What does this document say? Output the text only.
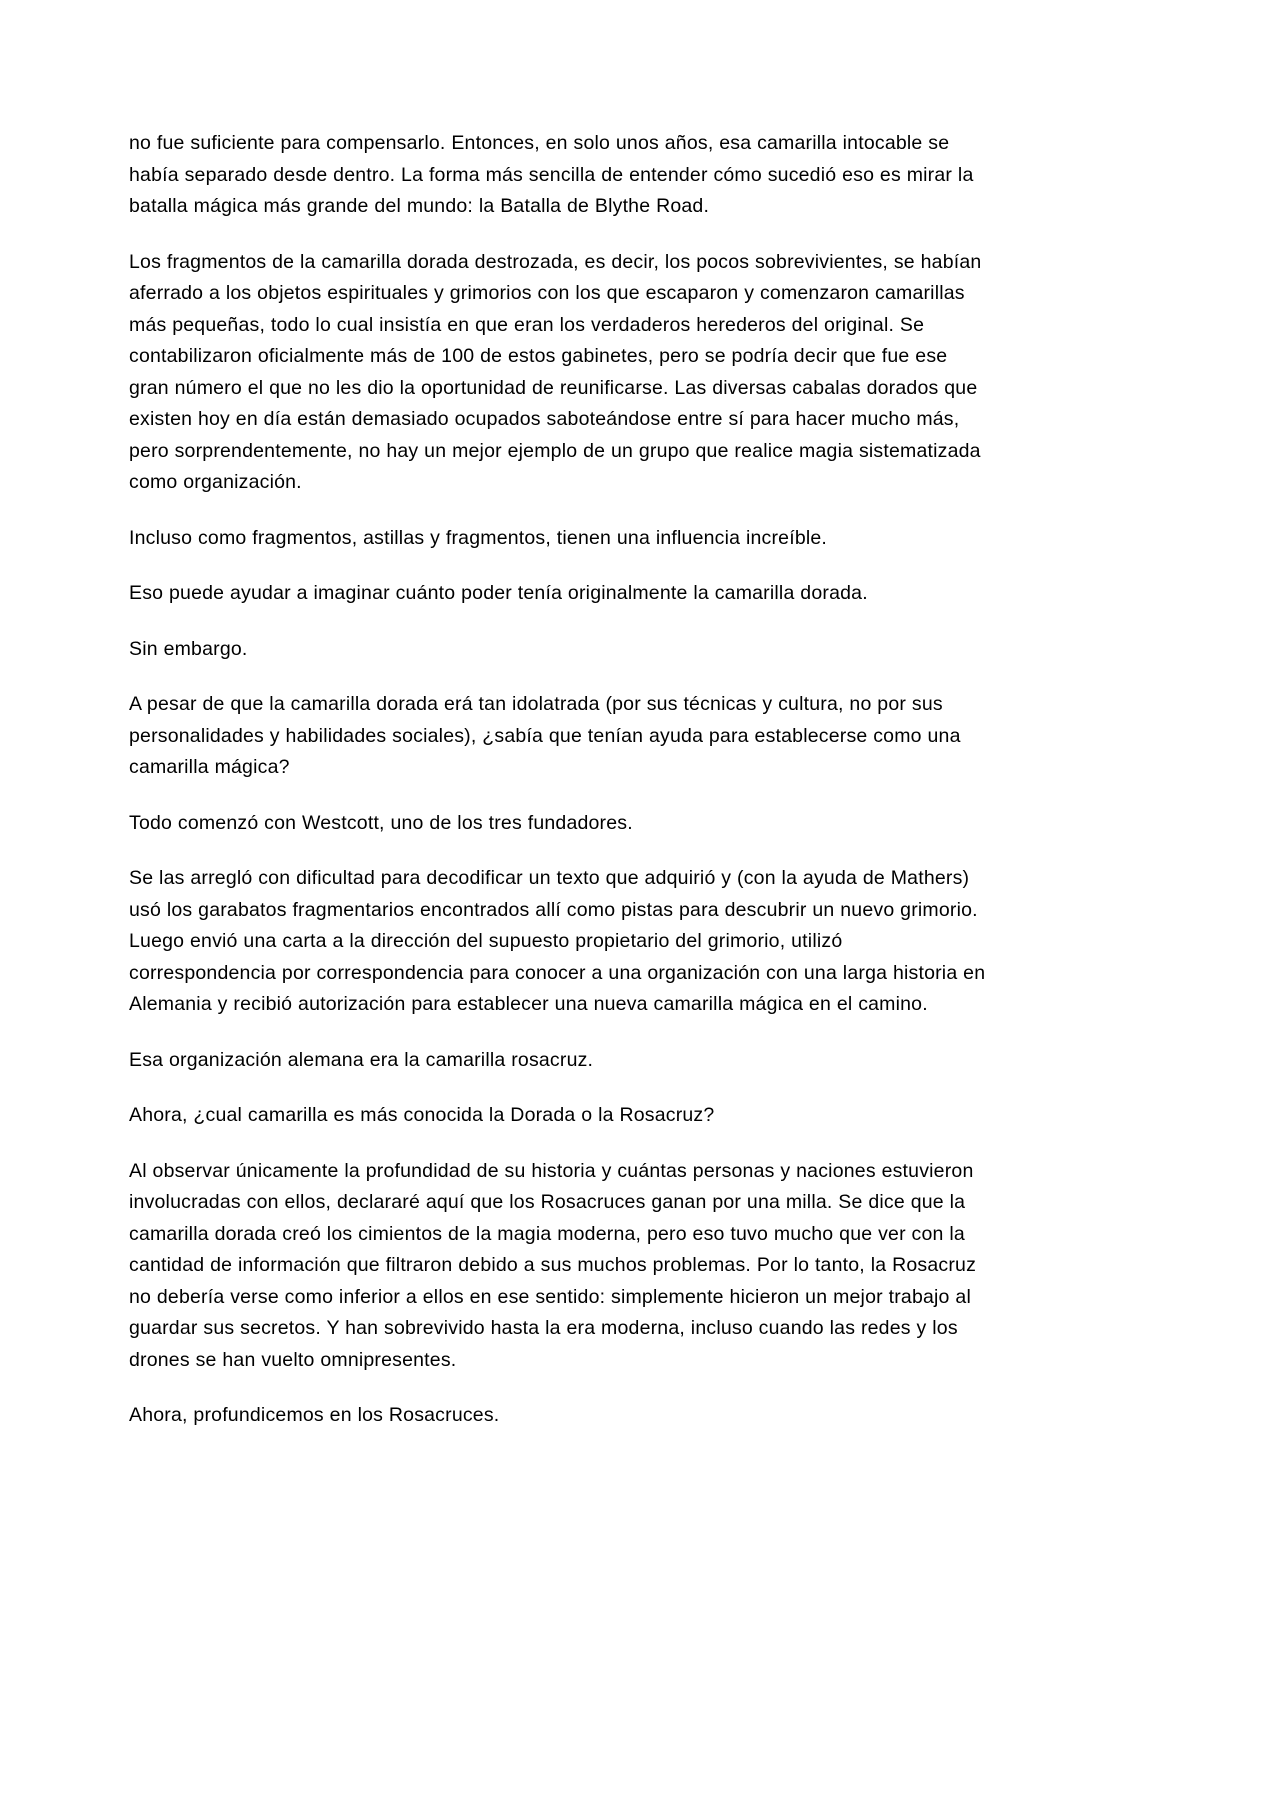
no fue suficiente para compensarlo. Entonces, en solo unos años, esa camarilla intocable se había separado desde dentro. La forma más sencilla de entender cómo sucedió eso es mirar la batalla mágica más grande del mundo: la Batalla de Blythe Road.

Los fragmentos de la camarilla dorada destrozada, es decir, los pocos sobrevivientes, se habían aferrado a los objetos espirituales y grimorios con los que escaparon y comenzaron camarillas más pequeñas, todo lo cual insistía en que eran los verdaderos herederos del original. Se contabilizaron oficialmente más de 100 de estos gabinetes, pero se podría decir que fue ese gran número el que no les dio la oportunidad de reunificarse. Las diversas cabalas dorados que existen hoy en día están demasiado ocupados saboteándose entre sí para hacer mucho más, pero sorprendentemente, no hay un mejor ejemplo de un grupo que realice magia sistematizada como organización.

Incluso como fragmentos, astillas y fragmentos, tienen una influencia increíble.

Eso puede ayudar a imaginar cuánto poder tenía originalmente la camarilla dorada.

Sin embargo.

A pesar de que la camarilla dorada erá tan idolatrada (por sus técnicas y cultura, no por sus personalidades y habilidades sociales), ¿sabía que tenían ayuda para establecerse como una camarilla mágica?

Todo comenzó con Westcott, uno de los tres fundadores.

Se las arregló con dificultad para decodificar un texto que adquirió y (con la ayuda de Mathers) usó los garabatos fragmentarios encontrados allí como pistas para descubrir un nuevo grimorio. Luego envió una carta a la dirección del supuesto propietario del grimorio, utilizó correspondencia por correspondencia para conocer a una organización con una larga historia en Alemania y recibió autorización para establecer una nueva camarilla mágica en el camino.

Esa organización alemana era la camarilla rosacruz.

Ahora, ¿cual camarilla es más conocida la Dorada o la Rosacruz?

Al observar únicamente la profundidad de su historia y cuántas personas y naciones estuvieron involucradas con ellos, declararé aquí que los Rosacruces ganan por una milla. Se dice que la camarilla dorada creó los cimientos de la magia moderna, pero eso tuvo mucho que ver con la cantidad de información que filtraron debido a sus muchos problemas. Por lo tanto, la Rosacruz no debería verse como inferior a ellos en ese sentido: simplemente hicieron un mejor trabajo al guardar sus secretos. Y han sobrevivido hasta la era moderna, incluso cuando las redes y los drones se han vuelto omnipresentes.

Ahora, profundicemos en los Rosacruces.
